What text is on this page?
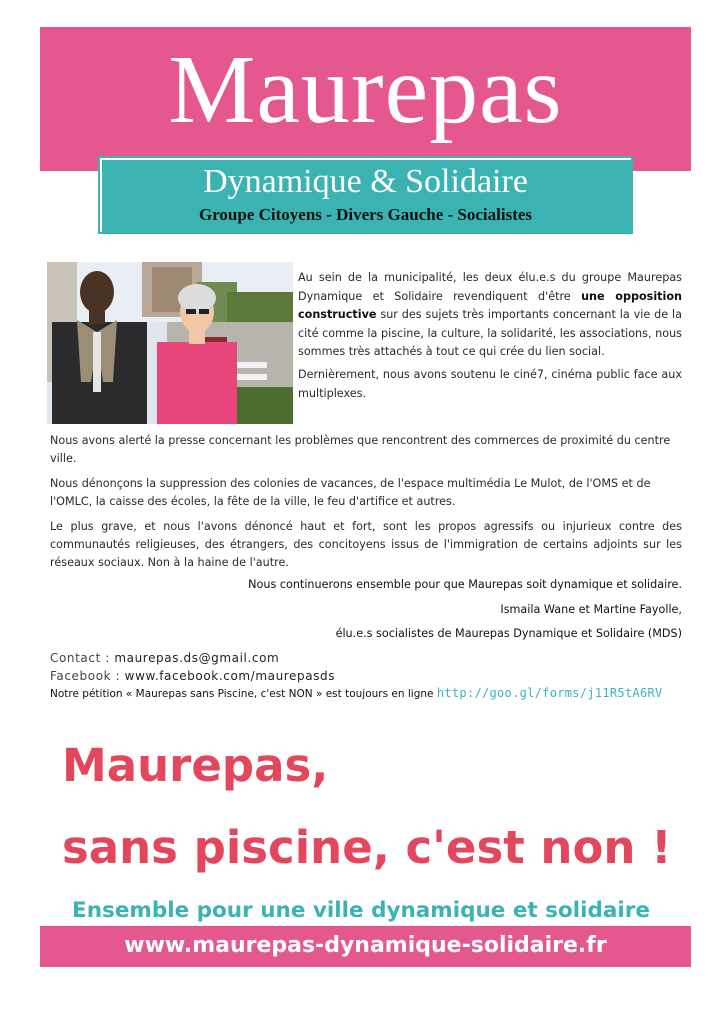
Maurepas
Dynamique & Solidaire
Groupe Citoyens - Divers Gauche - Socialistes

Au sein de la municipalité, les deux élu.e.s du groupe Maurepas Dynamique et Solidaire revendiquent d'être une opposition constructive sur des sujets très importants concernant la vie de la cité comme la piscine, la culture, la solidarité, les associations, nous sommes très attachés à tout ce qui crée du lien social.

Dernièrement, nous avons soutenu le ciné7, cinéma public face aux multiplexes.

Nous avons alerté la presse concernant les problèmes que rencontrent des commerces de proximité du centre ville.

Nous dénonçons la suppression des colonies de vacances, de l'espace multimédia Le Mulot, de l'OMS et de l'OMLC, la caisse des écoles, la fête de la ville, le feu d'artifice et autres.

Le plus grave, et nous l'avons dénoncé haut et fort, sont les propos agressifs ou injurieux contre des communautés religieuses, des étrangers, des concitoyens issus de l'immigration de certains adjoints sur les réseaux sociaux. Non à la haine de l'autre.

Nous continuerons ensemble pour que Maurepas soit dynamique et solidaire.
Ismaila Wane et Martine Fayolle,
élu.e.s socialistes de Maurepas Dynamique et Solidaire (MDS)
Contact : maurepas.ds@gmail.com
Facebook : www.facebook.com/maurepasds
Notre pétition « Maurepas sans Piscine, c'est NON » est toujours en ligne http://goo.gl/forms/j11R5tA6RV
Maurepas,
sans piscine, c'est non !
Ensemble pour une ville dynamique et solidaire
www.maurepas-dynamique-solidaire.fr
